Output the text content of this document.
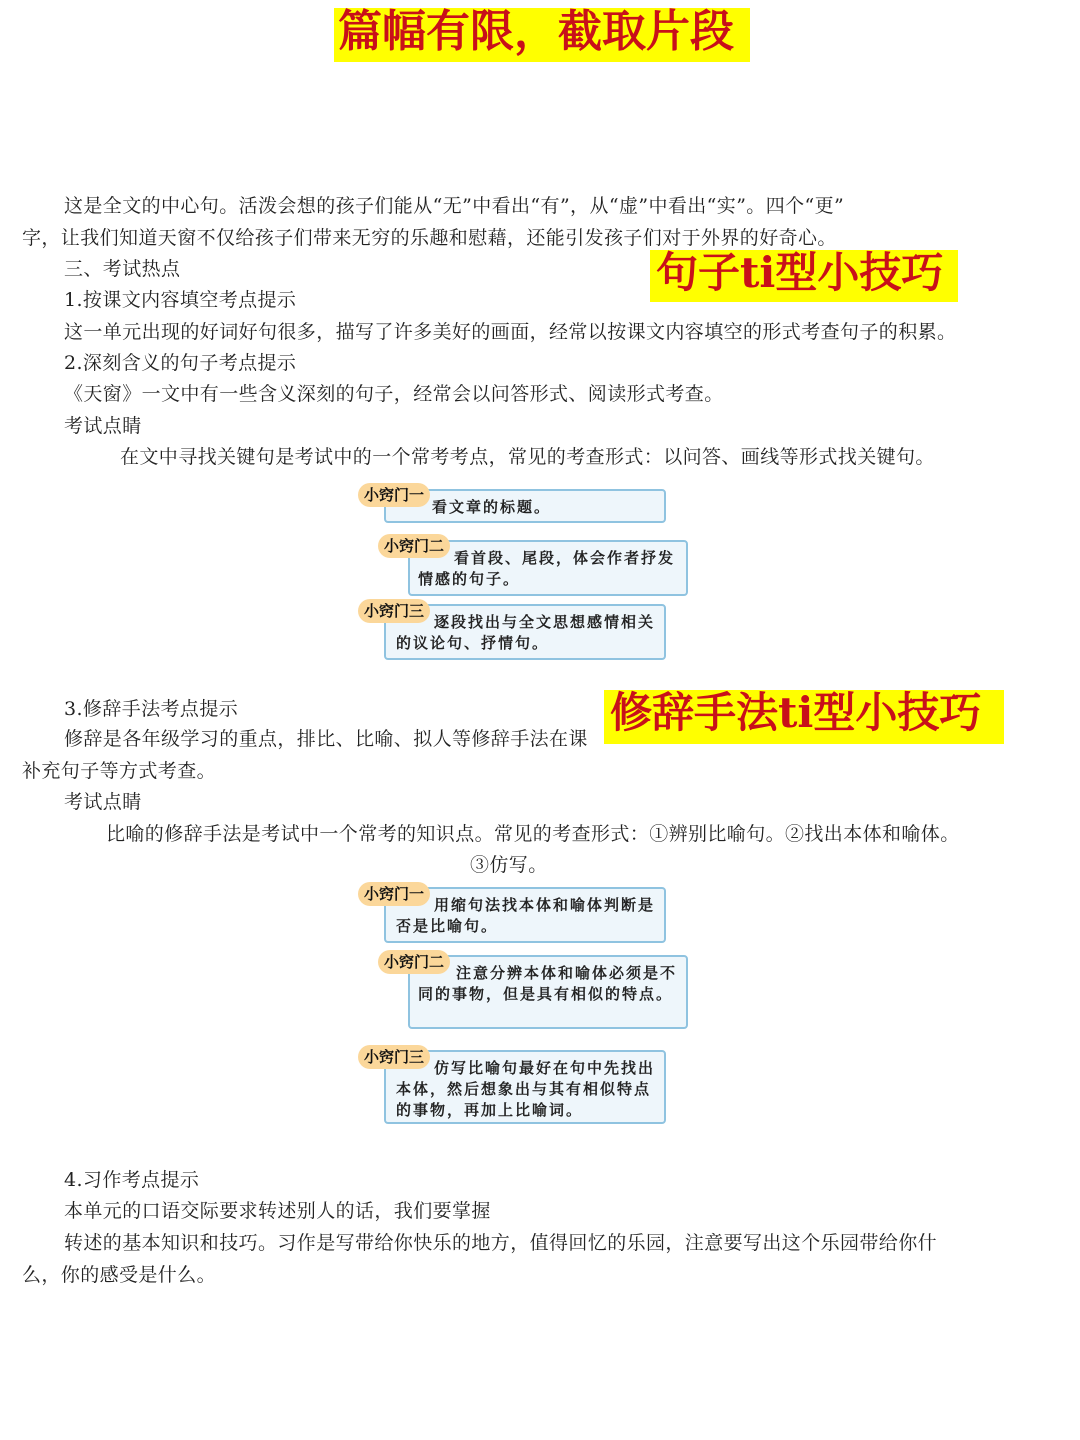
篇幅有限，截取片段
这是全文的中心句。活泼会想的孩子们能从“无”中看出“有”，从“虚”中看出“实”。四个“更”
字，让我们知道天窗不仅给孩子们带来无穷的乐趣和慰藉，还能引发孩子们对于外界的好奇心。
三、考试热点	句子ti型小技巧
1.按课文内容填空考点提示
这一单元出现的好词好句很多，描写了许多美好的画面，经常以按课文内容填空的形式考查句子的积累。
2.深刻含义的句子考点提示
《天窗》一文中有一些含义深刻的句子，经常会以问答形式、阅读形式考查。
考试点睛
在文中寻找关键句是考试中的一个常考考点，常见的考查形式：以问答、画线等形式找关键句。
看文章的标题。
小窍门一
看首段、尾段，体会作者抒发情感的句子。
小窍门二
逐段找出与全文思想感情相关的议论句、抒情句。
小窍门三
3.修辞手法考点提示
修辞是各年级学习的重点，排比、比喻、拟人等修辞手法在课
修辞手法ti型小技巧
补充句子等方式考查。
考试点睛
比喻的修辞手法是考试中一个常考的知识点。常见的考查形式：①辨别比喻句。②找出本体和喻体。
③仿写。
用缩句法找本体和喻体判断是否是比喻句。
小窍门一
注意分辨本体和喻体必须是不同的事物，但是具有相似的特点。
小窍门二
仿写比喻句最好在句中先找出本体，然后想象出与其有相似特点的事物，再加上比喻词。
小窍门三
4.习作考点提示
本单元的口语交际要求转述别人的话，我们要掌握
转述的基本知识和技巧。习作是写带给你快乐的地方，值得回忆的乐园，注意要写出这个乐园带给你什
么，你的感受是什么。
